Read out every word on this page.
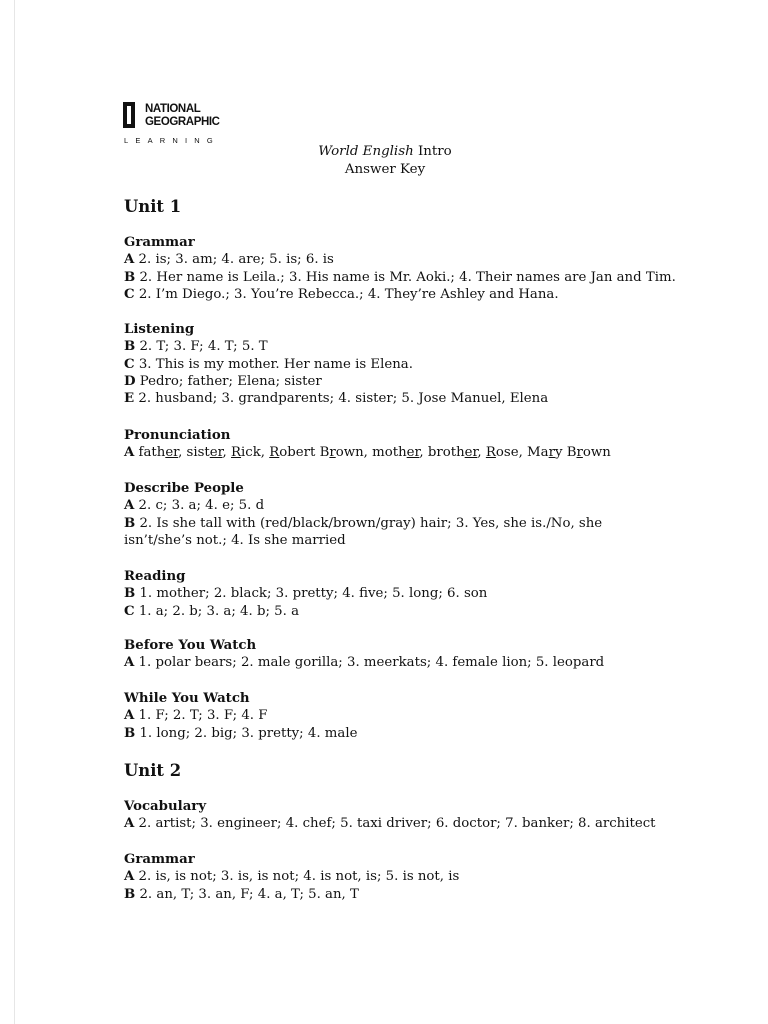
NATIONAL
GEOGRAPHIC
LEARNING
World English Intro
Answer Key
Unit 1
Grammar
A 2. is; 3. am; 4. are; 5. is; 6. is
B 2. Her name is Leila.; 3. His name is Mr. Aoki.; 4. Their names are Jan and Tim.
C 2. I’m Diego.; 3. You’re Rebecca.; 4. They’re Ashley and Hana.
Listening
B 2. T; 3. F; 4. T; 5. T
C 3. This is my mother. Her name is Elena.
D Pedro; father; Elena; sister
E 2. husband; 3. grandparents; 4. sister; 5. Jose Manuel, Elena
Pronunciation
A father, sister, Rick, Robert Brown, mother, brother, Rose, Mary Brown
Describe People
A 2. c; 3. a; 4. e; 5. d
B 2. Is she tall with (red/black/brown/gray) hair; 3. Yes, she is./No, she isn’t/she’s not.; 4. Is she married
Reading
B 1. mother; 2. black; 3. pretty; 4. five; 5. long; 6. son
C 1. a; 2. b; 3. a; 4. b; 5. a
Before You Watch
A 1. polar bears; 2. male gorilla; 3. meerkats; 4. female lion; 5. leopard
While You Watch
A 1. F; 2. T; 3. F; 4. F
B 1. long; 2. big; 3. pretty; 4. male
Unit 2
Vocabulary
A 2. artist; 3. engineer; 4. chef; 5. taxi driver; 6. doctor; 7. banker; 8. architect
Grammar
A 2. is, is not; 3. is, is not; 4. is not, is; 5. is not, is
B 2. an, T; 3. an, F; 4. a, T; 5. an, T
